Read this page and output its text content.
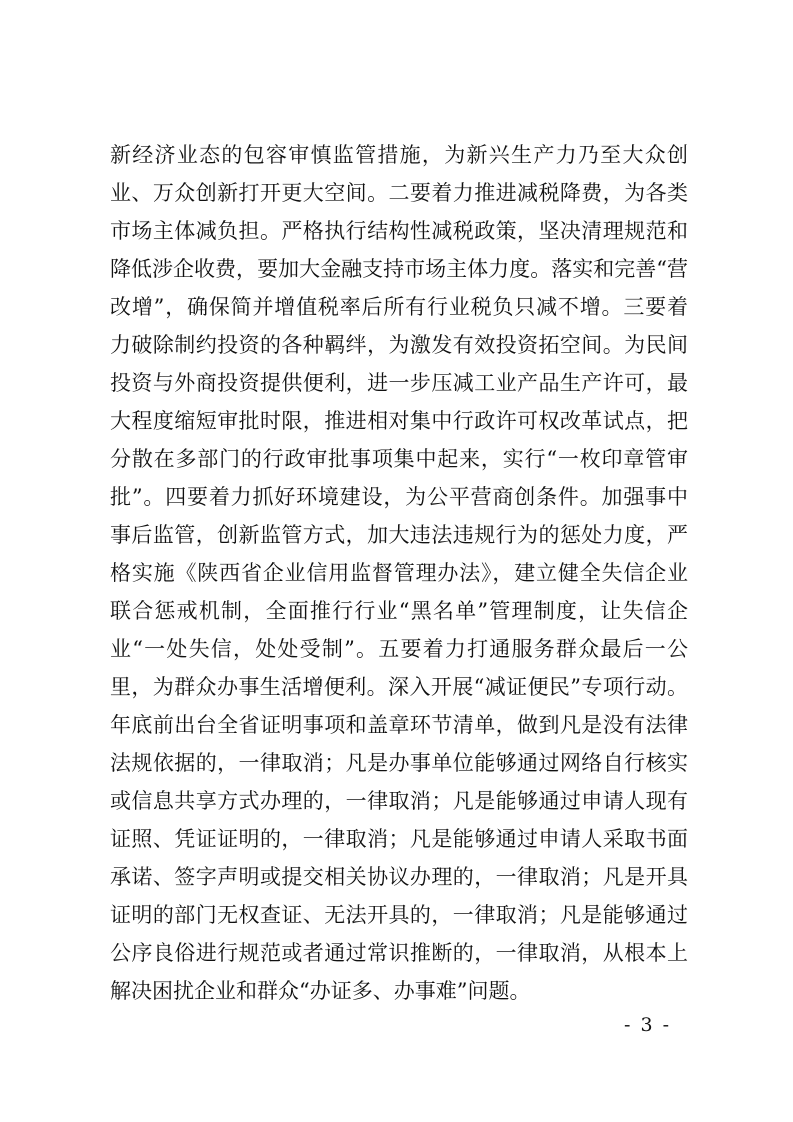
新经济业态的包容审慎监管措施，为新兴生产力乃至大众创
业、万众创新打开更大空间。二要着力推进减税降费，为各类
市场主体减负担。严格执行结构性减税政策，坚决清理规范和
降低涉企收费，要加大金融支持市场主体力度。落实和完善“营
改增”，确保简并增值税率后所有行业税负只减不增。三要着
力破除制约投资的各种羁绊，为激发有效投资拓空间。为民间
投资与外商投资提供便利，进一步压减工业产品生产许可，最
大程度缩短审批时限，推进相对集中行政许可权改革试点，把
分散在多部门的行政审批事项集中起来，实行“一枚印章管审
批”。四要着力抓好环境建设，为公平营商创条件。加强事中
事后监管，创新监管方式，加大违法违规行为的惩处力度，严
格实施《陕西省企业信用监督管理办法》，建立健全失信企业
联合惩戒机制，全面推行行业“黑名单”管理制度，让失信企
业“一处失信，处处受制”。五要着力打通服务群众最后一公
里，为群众办事生活增便利。深入开展“减证便民”专项行动。
年底前出台全省证明事项和盖章环节清单，做到凡是没有法律
法规依据的，一律取消；凡是办事单位能够通过网络自行核实
或信息共享方式办理的，一律取消；凡是能够通过申请人现有
证照、凭证证明的，一律取消；凡是能够通过申请人采取书面
承诺、签字声明或提交相关协议办理的，一律取消；凡是开具
证明的部门无权查证、无法开具的，一律取消；凡是能够通过
公序良俗进行规范或者通过常识推断的，一律取消，从根本上
解决困扰企业和群众“办证多、办事难”问题。
- 3 -
